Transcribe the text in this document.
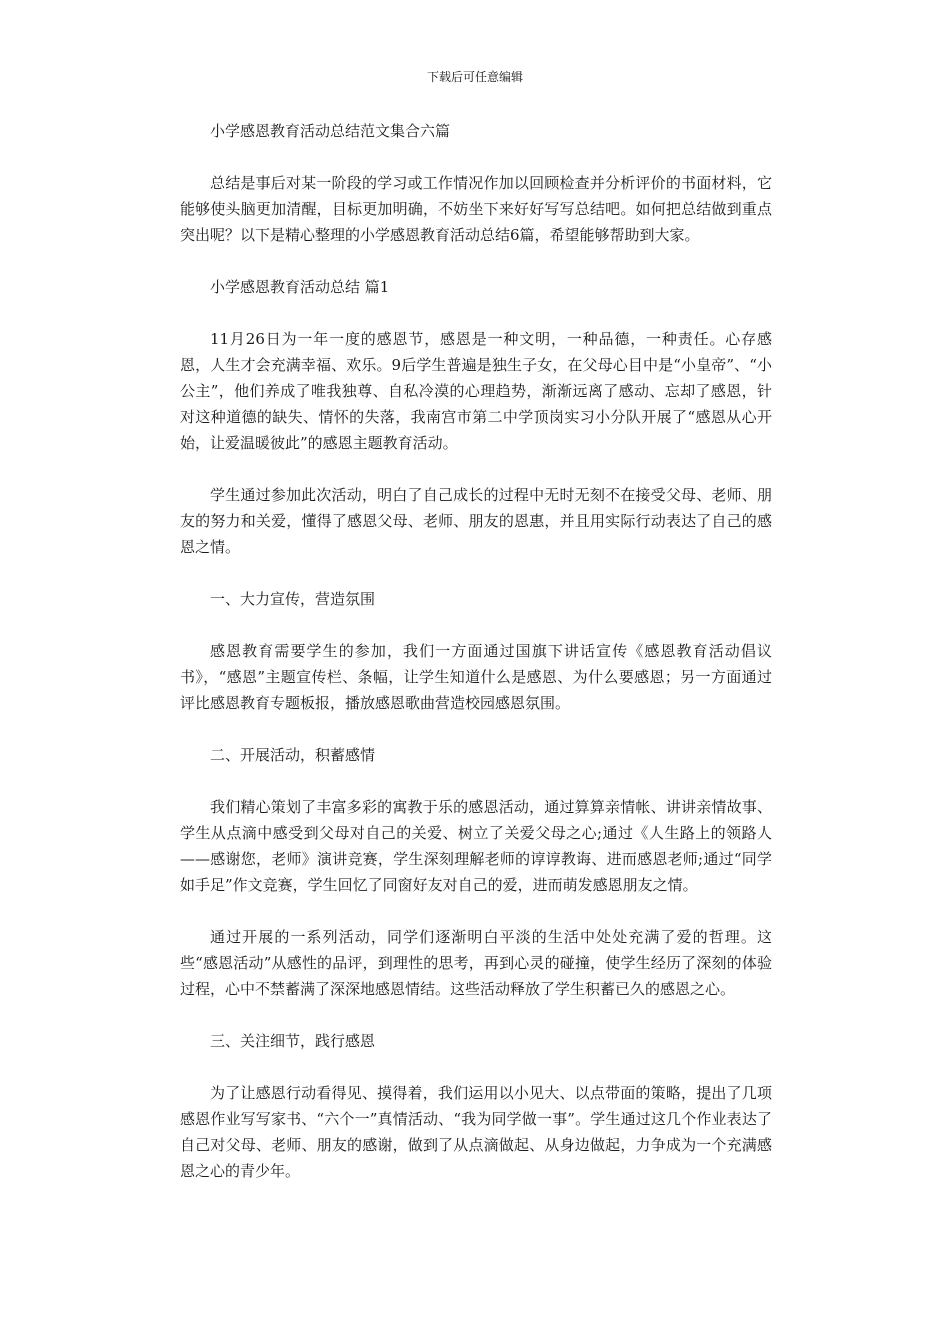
下载后可任意编辑

小学感恩教育活动总结范文集合六篇

总结是事后对某一阶段的学习或工作情况作加以回顾检查并分析评价的书面材料，它能够使头脑更加清醒，目标更加明确，不妨坐下来好好写写总结吧。如何把总结做到重点突出呢？以下是精心整理的小学感恩教育活动总结6篇，希望能够帮助到大家。

小学感恩教育活动总结 篇1

11月26日为一年一度的感恩节，感恩是一种文明，一种品德，一种责任。心存感恩，人生才会充满幸福、欢乐。9后学生普遍是独生子女，在父母心目中是“小皇帝”、“小公主”，他们养成了唯我独尊、自私冷漠的心理趋势，渐渐远离了感动、忘却了感恩，针对这种道德的缺失、情怀的失落，我南宫市第二中学顶岗实习小分队开展了“感恩从心开始，让爱温暖彼此”的感恩主题教育活动。

学生通过参加此次活动，明白了自己成长的过程中无时无刻不在接受父母、老师、朋友的努力和关爱，懂得了感恩父母、老师、朋友的恩惠，并且用实际行动表达了自己的感恩之情。

一、大力宣传，营造氛围

感恩教育需要学生的参加，我们一方面通过国旗下讲话宣传《感恩教育活动倡议书》，“感恩”主题宣传栏、条幅，让学生知道什么是感恩、为什么要感恩；另一方面通过评比感恩教育专题板报，播放感恩歌曲营造校园感恩氛围。

二、开展活动，积蓄感情

我们精心策划了丰富多彩的寓教于乐的感恩活动，通过算算亲情帐、讲讲亲情故事、学生从点滴中感受到父母对自己的关爱、树立了关爱父母之心;通过《人生路上的领路人——感谢您，老师》演讲竞赛，学生深刻理解老师的谆谆教诲、进而感恩老师;通过“同学如手足”作文竞赛，学生回忆了同窗好友对自己的爱，进而萌发感恩朋友之情。

通过开展的一系列活动，同学们逐渐明白平淡的生活中处处充满了爱的哲理。这些“感恩活动”从感性的品评，到理性的思考，再到心灵的碰撞，使学生经历了深刻的体验过程，心中不禁蓄满了深深地感恩情结。这些活动释放了学生积蓄已久的感恩之心。

三、关注细节，践行感恩

为了让感恩行动看得见、摸得着，我们运用以小见大、以点带面的策略，提出了几项感恩作业写写家书、“六个一”真情活动、“我为同学做一事”。学生通过这几个作业表达了自己对父母、老师、朋友的感谢，做到了从点滴做起、从身边做起，力争成为一个充满感恩之心的青少年。
